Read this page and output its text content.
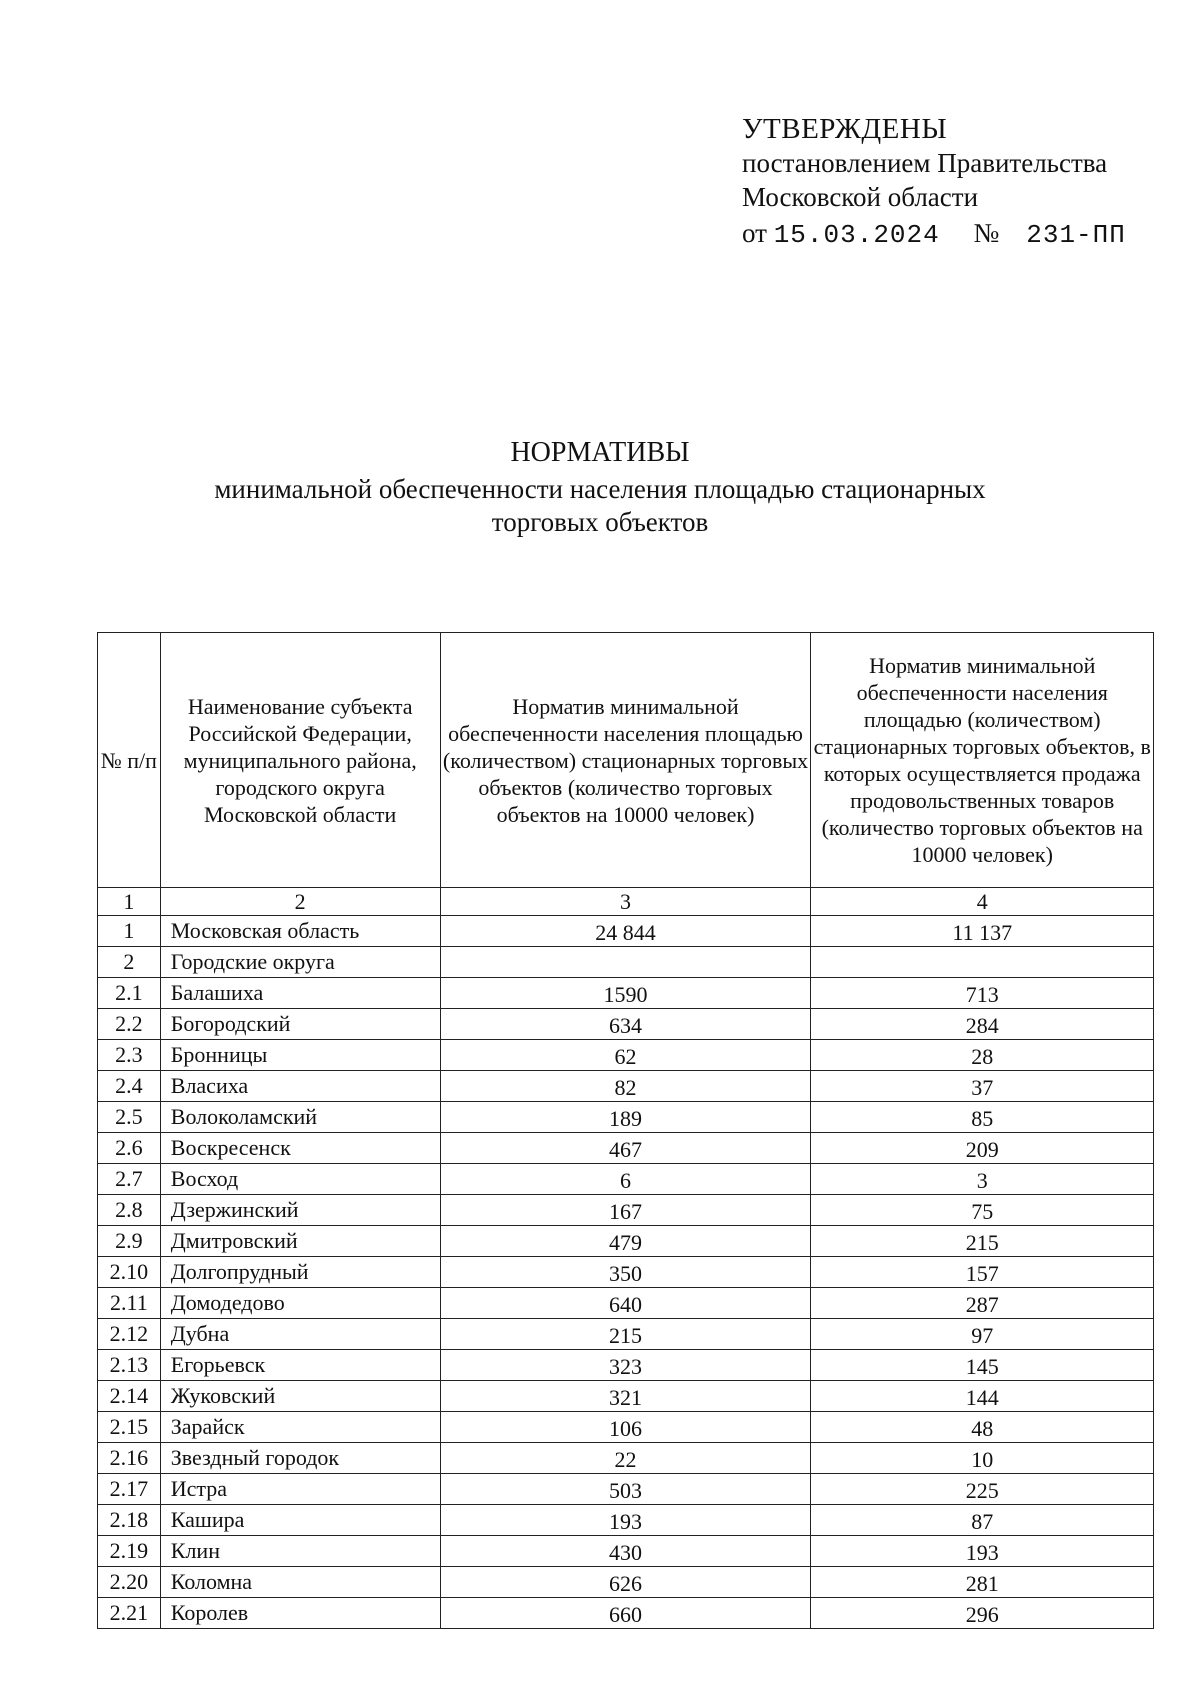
УТВЕРЖДЕНЫ
постановлением Правительства
Московской области
от 15.03.2024 № 231-ПП
НОРМАТИВЫ
минимальной обеспеченности населения площадью стационарных
торговых объектов
№ п/п	Наименование субъекта Российской Федерации, муниципального района, городского округа Московской области	Норматив минимальной обеспеченности населения площадью (количеством) стационарных торговых объектов (количество торговых объектов на 10000 человек)	Норматив минимальной обеспеченности населения площадью (количеством) стационарных торговых объектов, в которых осуществляется продажа продовольственных товаров (количество торговых объектов на 10000 человек)
1	2	3	4
1	Московская область	24 844	11 137
2	Городские округа		
2.1	Балашиха	1590	713
2.2	Богородский	634	284
2.3	Бронницы	62	28
2.4	Власиха	82	37
2.5	Волоколамский	189	85
2.6	Воскресенск	467	209
2.7	Восход	6	3
2.8	Дзержинский	167	75
2.9	Дмитровский	479	215
2.10	Долгопрудный	350	157
2.11	Домодедово	640	287
2.12	Дубна	215	97
2.13	Егорьевск	323	145
2.14	Жуковский	321	144
2.15	Зарайск	106	48
2.16	Звездный городок	22	10
2.17	Истра	503	225
2.18	Кашира	193	87
2.19	Клин	430	193
2.20	Коломна	626	281
2.21	Королев	660	296
